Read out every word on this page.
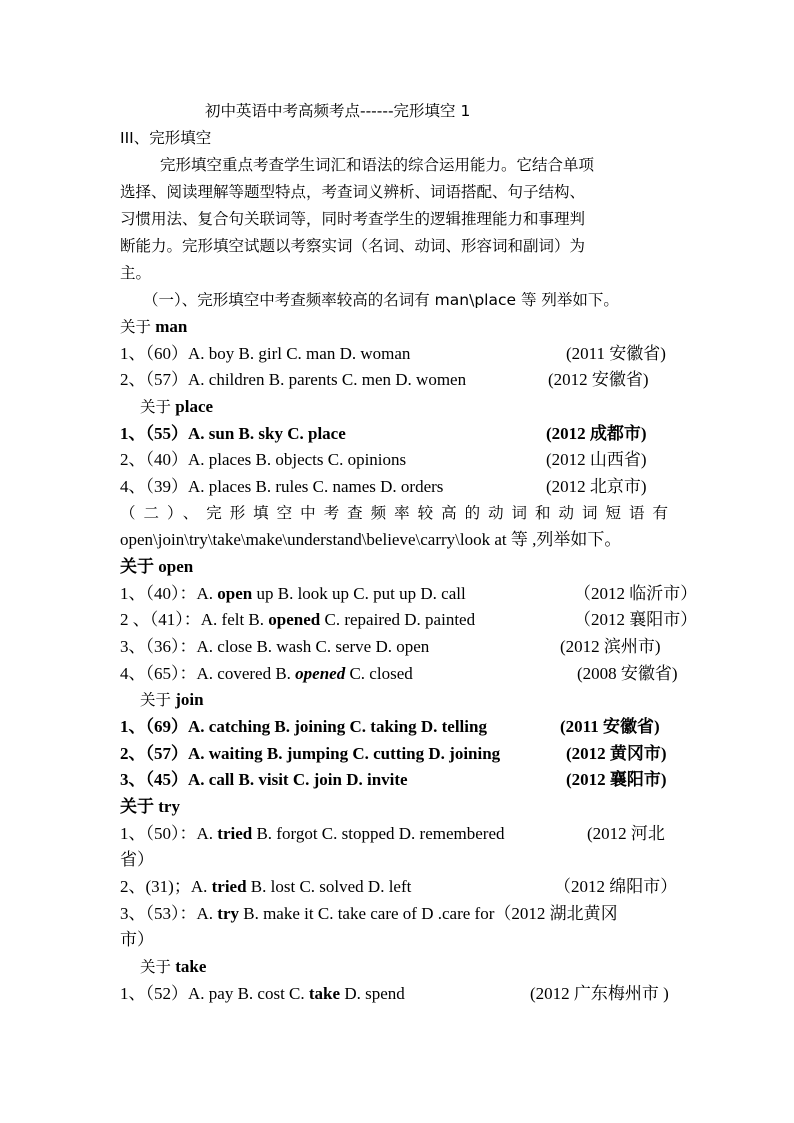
初中英语中考高频考点------完形填空 1
III、完形填空
完形填空重点考查学生词汇和语法的综合运用能力。它结合单项
选择、阅读理解等题型特点，考查词义辨析、词语搭配、句子结构、
习惯用法、复合句关联词等，同时考查学生的逻辑推理能力和事理判
断能力。完形填空试题以考察实词（名词、动词、形容词和副词）为
主。
（一）、完形填空中考查频率较高的名词有 man\place 等 列举如下。
关于 man
1、（60）A. boy B. girl C. man D. woman	(2011 安徽省)
2、（57）A. children B. parents C. men D. women	(2012 安徽省)
关于 place
1、（55）A. sun B. sky C. place	(2012 成都市)
2、（40）A. places B. objects C. opinions	(2012 山西省)
4、（39）A. places B. rules C. names D. orders	(2012 北京市)
（二）、完形填空中考查频率较高的动词和动词短语有
open\join\try\take\make\understand\believe\carry\look at 等 ,列举如下。
关于 open
1、（40）：A. open up B. look up C. put up D. call	（2012 临沂市）
2 、（41）：A. felt B. opened C. repaired D. painted	（2012 襄阳市）
3、（36）：A. close B. wash C. serve D. open	(2012 滨州市)
4、（65）：A. covered B. opened C. closed	(2008 安徽省)
关于 join
1、（69）A. catching B. joining C. taking D. telling	(2011 安徽省)
2、（57）A. waiting B. jumping C. cutting D. joining	(2012 黄冈市)
3、（45）A. call B. visit C. join D. invite	(2012 襄阳市)
关于 try
1、（50）：A. tried B. forgot C. stopped D. remembered	(2012 河北
省）
2、(31)；A. tried B. lost C. solved D. left	（2012 绵阳市）
3、（53）：A. try B. make it C. take care of D .care for（2012 湖北黄冈
市）
关于 take
1、（52）A. pay B. cost C. take D. spend	(2012 广东梅州市 )
